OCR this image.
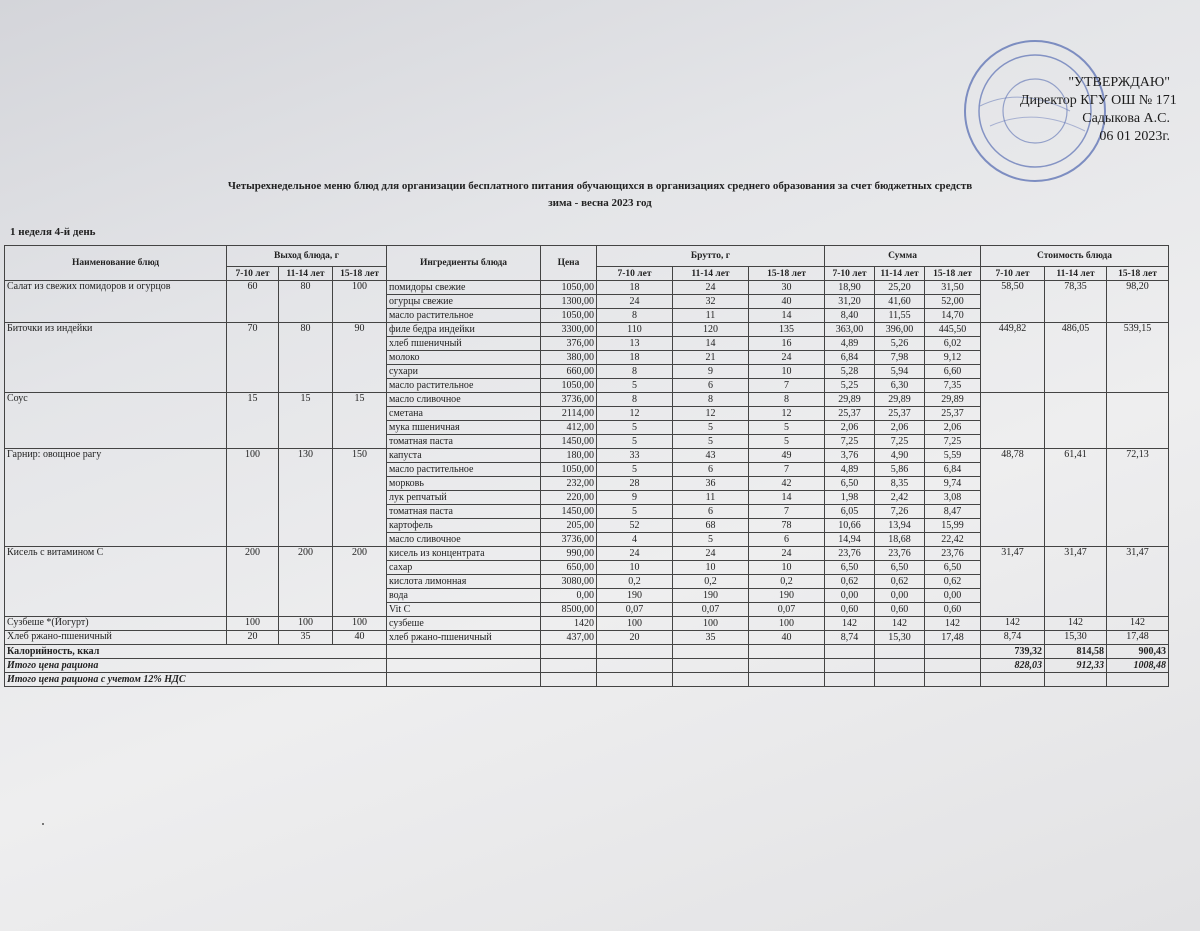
"УТВЕРЖДАЮ"
Директор КГУ ОШ № 171
Садыкова А.С.
06 01 2023г.
Четырехнедельное меню блюд для организации бесплатного питания обучающихся в организациях среднего образования за счет бюджетных средств
зима - весна 2023 год
1 неделя 4-й день
Наименование блюд	Выход блюда, г			Ингредиенты блюда	Цена	Брутто, г			Сумма			Стоимость блюда		
	7-10 лет	11-14 лет	15-18 лет			7-10 лет	11-14 лет	15-18 лет	7-10 лет	11-14 лет	15-18 лет	7-10 лет	11-14 лет	15-18 лет
Салат из свежих помидоров и огурцов	60	80	100	помидоры свежие	1050,00	18	24	30	18,90	25,20	31,50	58,50	78,35	98,20
				огурцы свежие	1300,00	24	32	40	31,20	41,60	52,00			
				масло растительное	1050,00	8	11	14	8,40	11,55	14,70			
Биточки из индейки	70	80	90	филе бедра индейки	3300,00	110	120	135	363,00	396,00	445,50	449,82	486,05	539,15
				хлеб пшеничный	376,00	13	14	16	4,89	5,26	6,02			
				молоко	380,00	18	21	24	6,84	7,98	9,12			
				сухари	660,00	8	9	10	5,28	5,94	6,60			
				масло растительное	1050,00	5	6	7	5,25	6,30	7,35			
Соус	15	15	15	масло сливочное	3736,00	8	8	8	29,89	29,89	29,89			
				сметана	2114,00	12	12	12	25,37	25,37	25,37			
				мука пшеничная	412,00	5	5	5	2,06	2,06	2,06			
				томатная паста	1450,00	5	5	5	7,25	7,25	7,25			
Гарнир: овощное рагу	100	130	150	капуста	180,00	33	43	49	3,76	4,90	5,59	48,78	61,41	72,13
				масло растительное	1050,00	5	6	7	4,89	5,86	6,84			
				морковь	232,00	28	36	42	6,50	8,35	9,74			
				лук репчатый	220,00	9	11	14	1,98	2,42	3,08			
				томатная паста	1450,00	5	6	7	6,05	7,26	8,47			
				картофель	205,00	52	68	78	10,66	13,94	15,99			
				масло сливочное	3736,00	4	5	6	14,94	18,68	22,42			
Кисель с витамином С	200	200	200	кисель из концентрата	990,00	24	24	24	23,76	23,76	23,76	31,47	31,47	31,47
				сахар	650,00	10	10	10	6,50	6,50	6,50			
				кислота лимонная	3080,00	0,2	0,2	0,2	0,62	0,62	0,62			
				вода	0,00	190	190	190	0,00	0,00	0,00			
				Vit C	8500,00	0,07	0,07	0,07	0,60	0,60	0,60			
Сузбеше *(Йогурт)	100	100	100	сузбеше	1420	100	100	100	142	142	142	142	142	142
Хлеб ржано-пшеничный	20	35	40	хлеб ржано-пшеничный	437,00	20	35	40	8,74	15,30	17,48	8,74	15,30	17,48
Калорийность, ккал												739,32	814,58	900,43
Итого цена рациона												828,03	912,33	1008,48
Итого цена рациона с учетом 12% НДС														
